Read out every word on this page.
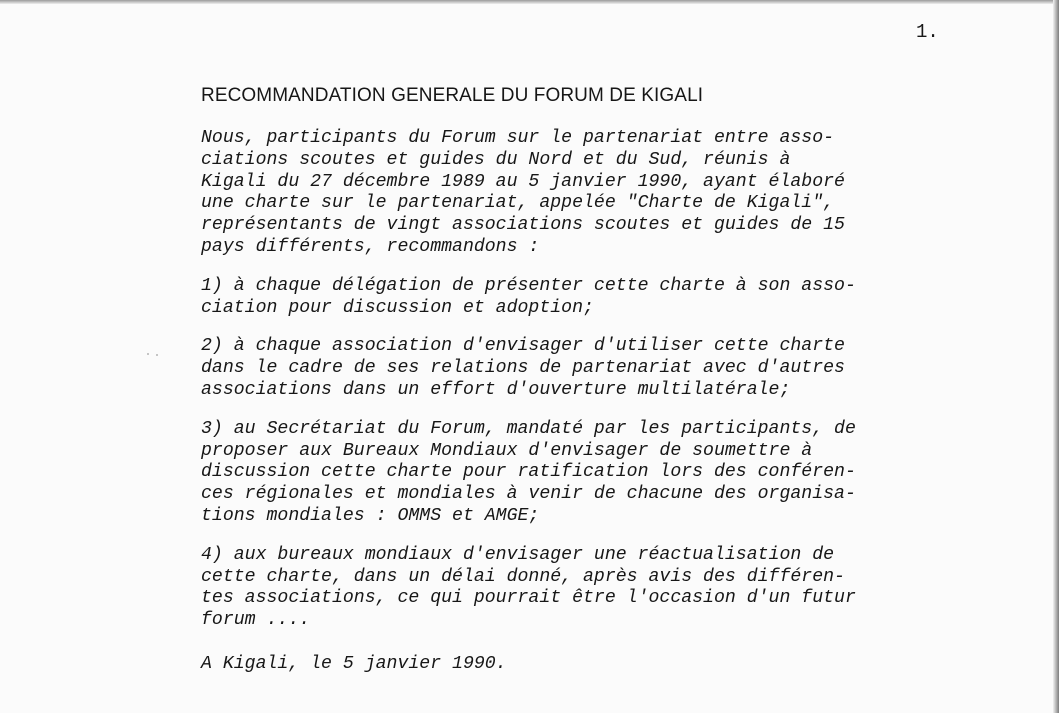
1.
RECOMMANDATION GENERALE DU FORUM DE KIGALI

Nous, participants du Forum sur le partenariat entre asso-
ciations scoutes et guides du Nord et du Sud, réunis à
Kigali du 27 décembre 1989 au 5 janvier 1990, ayant élaboré
une charte sur le partenariat, appelée "Charte de Kigali",
représentants de vingt associations scoutes et guides de 15
pays différents, recommandons :

1) à chaque délégation de présenter cette charte à son asso-
ciation pour discussion et adoption;

2) à chaque association d'envisager d'utiliser cette charte
dans le cadre de ses relations de partenariat avec d'autres
associations dans un effort d'ouverture multilatérale;

3) au Secrétariat du Forum, mandaté par les participants, de
proposer aux Bureaux Mondiaux d'envisager de soumettre à
discussion cette charte pour ratification lors des conféren-
ces régionales et mondiales à venir de chacune des organisa-
tions mondiales : OMMS et AMGE;

4) aux bureaux mondiaux d'envisager une réactualisation de
cette charte, dans un délai donné, après avis des différen-
tes associations, ce qui pourrait être l'occasion d'un futur
forum ....

A Kigali, le 5 janvier 1990.
